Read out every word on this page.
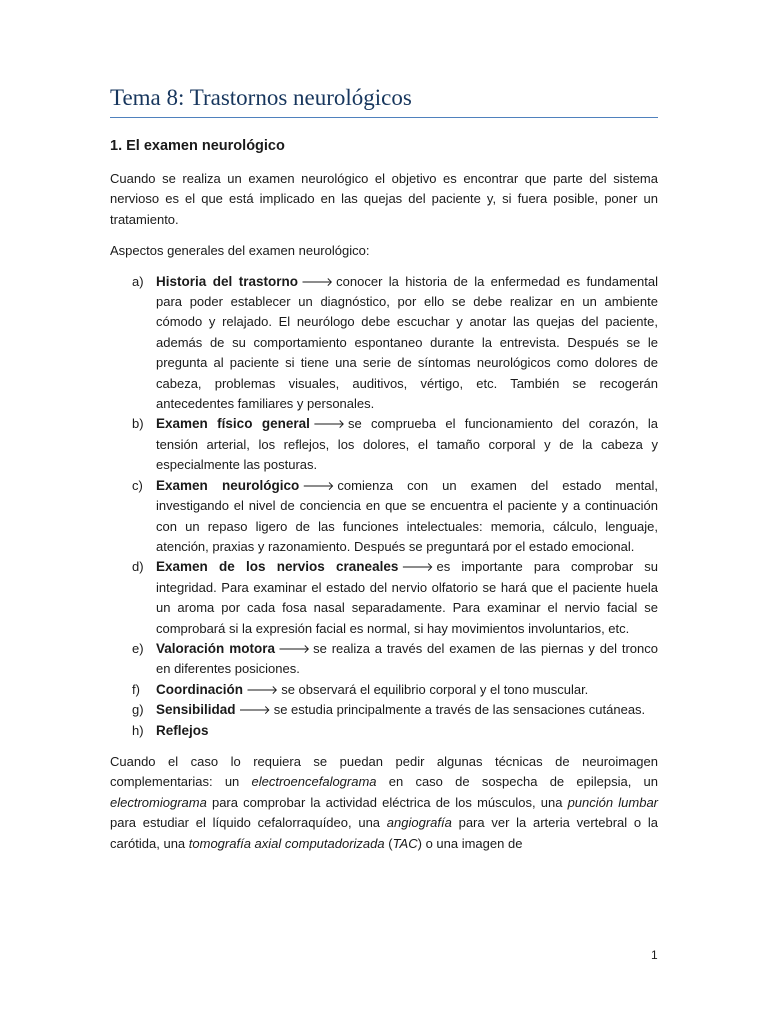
Tema 8: Trastornos neurológicos
1. El examen neurológico

Cuando se realiza un examen neurológico el objetivo es encontrar que parte del sistema nervioso es el que está implicado en las quejas del paciente y, si fuera posible, poner un tratamiento.

Aspectos generales del examen neurológico:

a) Historia del trastorno 🡒 conocer la historia de la enfermedad es fundamental para poder establecer un diagnóstico, por ello se debe realizar en un ambiente cómodo y relajado. El neurólogo debe escuchar y anotar las quejas del paciente, además de su comportamiento espontaneo durante la entrevista. Después se le pregunta al paciente si tiene una serie de síntomas neurológicos como dolores de cabeza, problemas visuales, auditivos, vértigo, etc. También se recogerán antecedentes familiares y personales.

b) Examen físico general 🡒 se comprueba el funcionamiento del corazón, la tensión arterial, los reflejos, los dolores, el tamaño corporal y de la cabeza y especialmente las posturas.

c) Examen neurológico 🡒 comienza con un examen del estado mental, investigando el nivel de conciencia en que se encuentra el paciente y a continuación con un repaso ligero de las funciones intelectuales: memoria, cálculo, lenguaje, atención, praxias y razonamiento. Después se preguntará por el estado emocional.

d) Examen de los nervios craneales 🡒 es importante para comprobar su integridad. Para examinar el estado del nervio olfatorio se hará que el paciente huela un aroma por cada fosa nasal separadamente. Para examinar el nervio facial se comprobará si la expresión facial es normal, si hay movimientos involuntarios, etc.

e) Valoración motora 🡒 se realiza a través del examen de las piernas y del tronco en diferentes posiciones.

f) Coordinación 🡒 se observará el equilibrio corporal y el tono muscular.

g) Sensibilidad 🡒 se estudia principalmente a través de las sensaciones cutáneas.

h) Reflejos

Cuando el caso lo requiera se puedan pedir algunas técnicas de neuroimagen complementarias: un electroencefalograma en caso de sospecha de epilepsia, un electromiograma para comprobar la actividad eléctrica de los músculos, una punción lumbar para estudiar el líquido cefalorraquídeo, una angiografía para ver la arteria vertebral o la carótida, una tomografía axial computadorizada (TAC) o una imagen de

1
